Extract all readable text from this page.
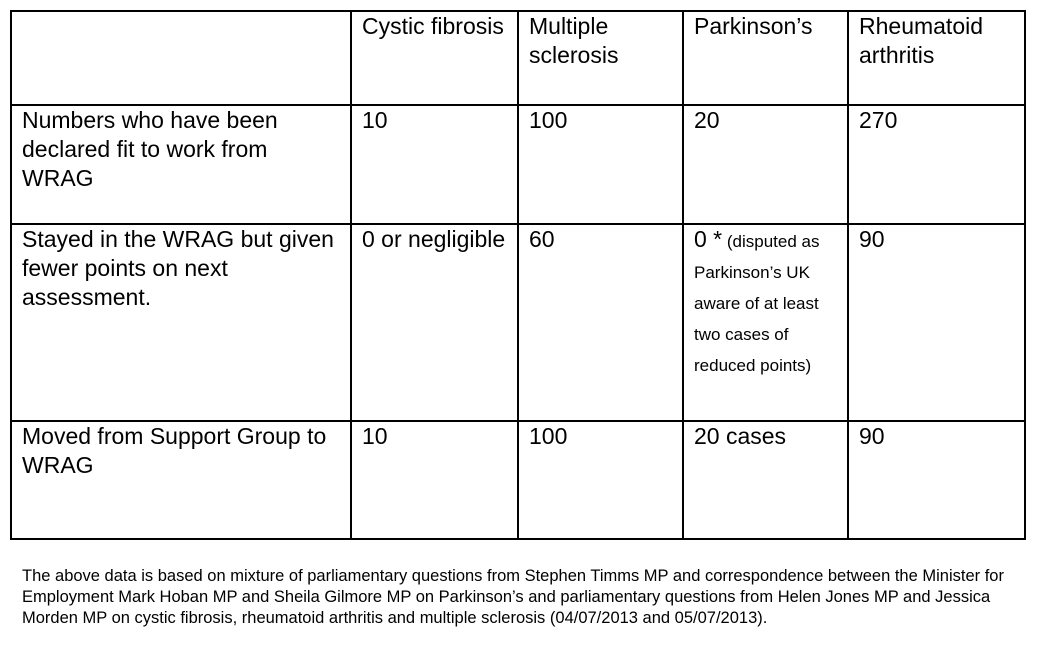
	Cystic fibrosis	Multiple sclerosis	Parkinson’s	Rheumatoid arthritis
Numbers who have been declared fit to work from WRAG	10	100	20	270
Stayed in the WRAG but given fewer points on next assessment.	0 or negligible	60	0 * (disputed as Parkinson’s UK aware of at least two cases of reduced points)	90
Moved from Support Group to WRAG	10	100	20 cases	90

The above data is based on mixture of parliamentary questions from Stephen Timms MP and correspondence between the Minister for Employment Mark Hoban MP and Sheila Gilmore MP on Parkinson’s and parliamentary questions from Helen Jones MP and Jessica Morden MP on cystic fibrosis, rheumatoid arthritis and multiple sclerosis (04/07/2013 and 05/07/2013).
